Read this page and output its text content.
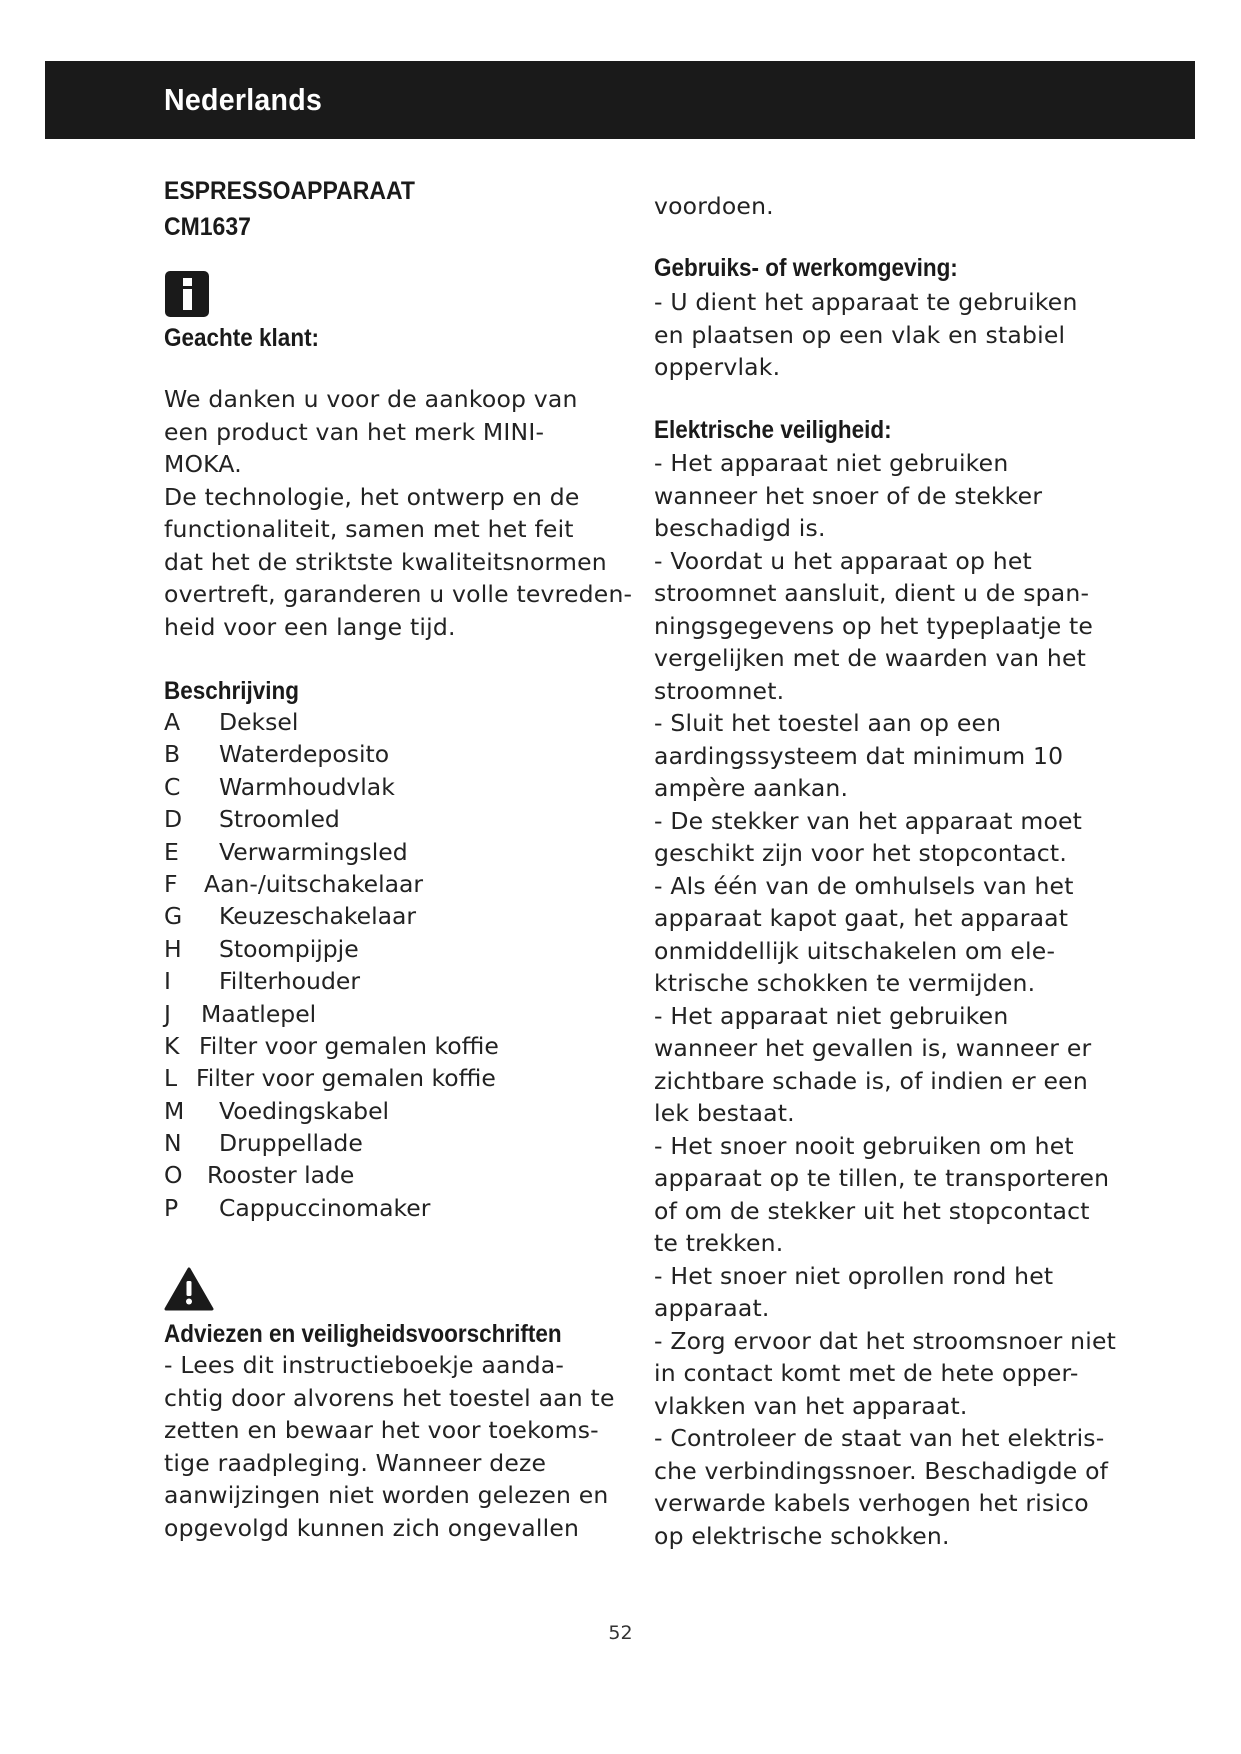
Nederlands
ESPRESSOAPPARAAT
CM1637
Geachte klant:

We danken u voor de aankoop van
een product van het merk MINI-
MOKA.
De technologie, het ontwerp en de
functionaliteit, samen met het feit
dat het de striktste kwaliteitsnormen
overtreft, garanderen u volle tevreden-
heid voor een lange tijd.

Beschrijving
A Deksel
B Waterdeposito
C Warmhoudvlak
D Stroomled
E Verwarmingsled
F Aan-/uitschakelaar
G Keuzeschakelaar
H Stoompijpje
I Filterhouder
J Maatlepel
K Filter voor gemalen koffie
L Filter voor gemalen koffie
M Voedingskabel
N Druppellade
O Rooster lade
P Cappuccinomaker
Adviezen en veiligheidsvoorschriften

- Lees dit instructieboekje aanda-
chtig door alvorens het toestel aan te
zetten en bewaar het voor toekoms-
tige raadpleging. Wanneer deze
aanwijzingen niet worden gelezen en
opgevolgd kunnen zich ongevallen

voordoen.

Gebruiks- of werkomgeving:

- U dient het apparaat te gebruiken
en plaatsen op een vlak en stabiel
oppervlak.

Elektrische veiligheid:

- Het apparaat niet gebruiken
wanneer het snoer of de stekker
beschadigd is.
- Voordat u het apparaat op het
stroomnet aansluit, dient u de span-
ningsgegevens op het typeplaatje te
vergelijken met de waarden van het
stroomnet.
- Sluit het toestel aan op een
aardingssysteem dat minimum 10
ampère aankan.
- De stekker van het apparaat moet
geschikt zijn voor het stopcontact.
- Als één van de omhulsels van het
apparaat kapot gaat, het apparaat
onmiddellijk uitschakelen om ele-
ktrische schokken te vermijden.
- Het apparaat niet gebruiken
wanneer het gevallen is, wanneer er
zichtbare schade is, of indien er een
lek bestaat.
- Het snoer nooit gebruiken om het
apparaat op te tillen, te transporteren
of om de stekker uit het stopcontact
te trekken.
- Het snoer niet oprollen rond het
apparaat.
- Zorg ervoor dat het stroomsnoer niet
in contact komt met de hete opper-
vlakken van het apparaat.
- Controleer de staat van het elektris-
che verbindingssnoer. Beschadigde of
verwarde kabels verhogen het risico
op elektrische schokken.

52
